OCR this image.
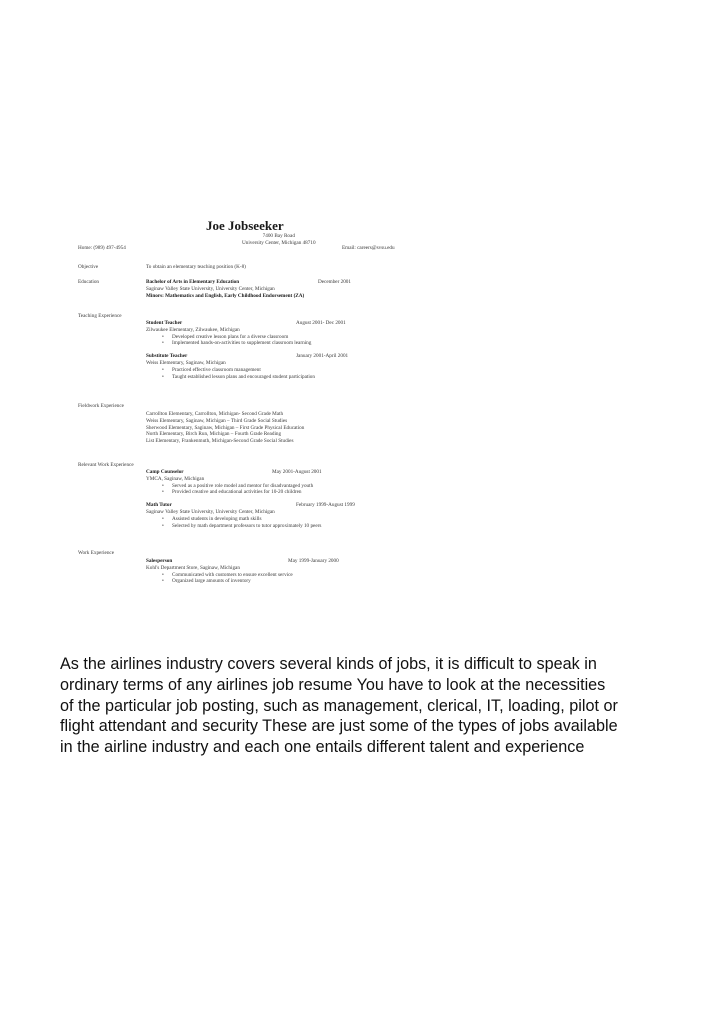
Joe Jobseeker
7400 Bay Road
University Center, Michigan 48710
Home: (989) 497-4954	Email: careers@svsu.edu
Objective	To obtain an elementary teaching position (K-8)
Education	Bachelor of Arts in Elementary Education	December 2001
Saginaw Valley State University, University Center, Michigan
Minors: Mathematics and English, Early Childhood Endorsement (ZA)
Teaching Experience
Student Teacher	August 2001- Dec 2001
Zilwaukee Elementary, Zilwaukee, Michigan
• Developed creative lesson plans for a diverse classroom
• Implemented hands-on-activities to supplement classroom learning
Substitute Teacher	January 2001-April 2001
Weiss Elementary, Saginaw, Michigan
• Practiced effective classroom management
• Taught established lesson plans and encouraged student participation
Fieldwork Experience
Carrollton Elementary, Carrollton, Michigan- Second Grade Math
Weiss Elementary, Saginaw, Michigan – Third Grade Social Studies
Sherwood Elementary, Saginaw, Michigan – First Grade Physical Education
North Elementary, Birch Run, Michigan – Fourth Grade Reading
List Elementary, Frankenmuth, Michigan-Second Grade Social Studies
Relevant Work Experience
Camp Counselor	May 2001-August 2001
YMCA, Saginaw, Michigan
• Served as a positive role model and mentor for disadvantaged youth
• Provided creative and educational activities for 10-20 children
Math Tutor	February 1999-August 1999
Saginaw Valley State University, University Center, Michigan
• Assisted students in developing math skills
• Selected by math department professors to tutor approximately 10 peers
Work Experience
Salesperson	May 1999-January 2000
Kohl's Department Store, Saginaw, Michigan
• Communicated with customers to ensure excellent service
• Organized large amounts of inventory
As the airlines industry covers several kinds of jobs, it is difficult to speak in
ordinary terms of any airlines job resume You have to look at the necessities
of the particular job posting, such as management, clerical, IT, loading, pilot or
flight attendant and security These are just some of the types of jobs available
in the airline industry and each one entails different talent and experience
